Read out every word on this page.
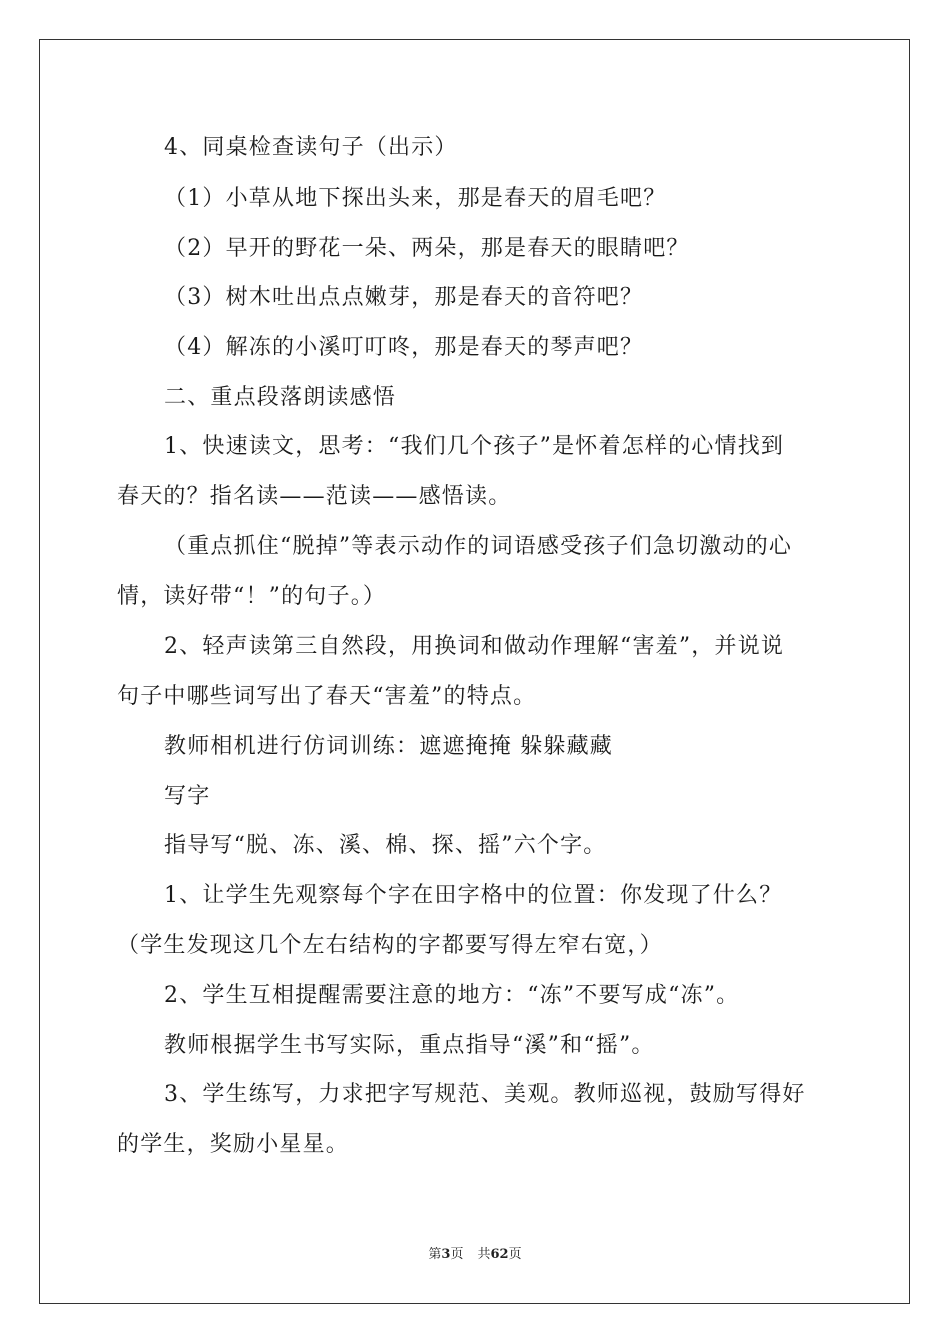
4、同桌检查读句子（出示）
（1）小草从地下探出头来，那是春天的眉毛吧？
（2）早开的野花一朵、两朵，那是春天的眼睛吧？
（3）树木吐出点点嫩芽，那是春天的音符吧？
（4）解冻的小溪叮叮咚，那是春天的琴声吧？
二、重点段落朗读感悟
1、快速读文，思考：“我们几个孩子”是怀着怎样的心情找到
春天的？指名读——范读——感悟读。
（重点抓住“脱掉”等表示动作的词语感受孩子们急切激动的心
情，读好带“！”的句子。）
2、轻声读第三自然段，用换词和做动作理解“害羞”，并说说
句子中哪些词写出了春天“害羞”的特点。
教师相机进行仿词训练：遮遮掩掩 躲躲藏藏
写字
指导写“脱、冻、溪、棉、探、摇”六个字。
1、让学生先观察每个字在田字格中的位置：你发现了什么？
（学生发现这几个左右结构的字都要写得左窄右宽，）
2、学生互相提醒需要注意的地方：“冻”不要写成“冻”。
教师根据学生书写实际，重点指导“溪”和“摇”。
3、学生练写，力求把字写规范、美观。教师巡视，鼓励写得好
的学生，奖励小星星。
第3页 共62页
